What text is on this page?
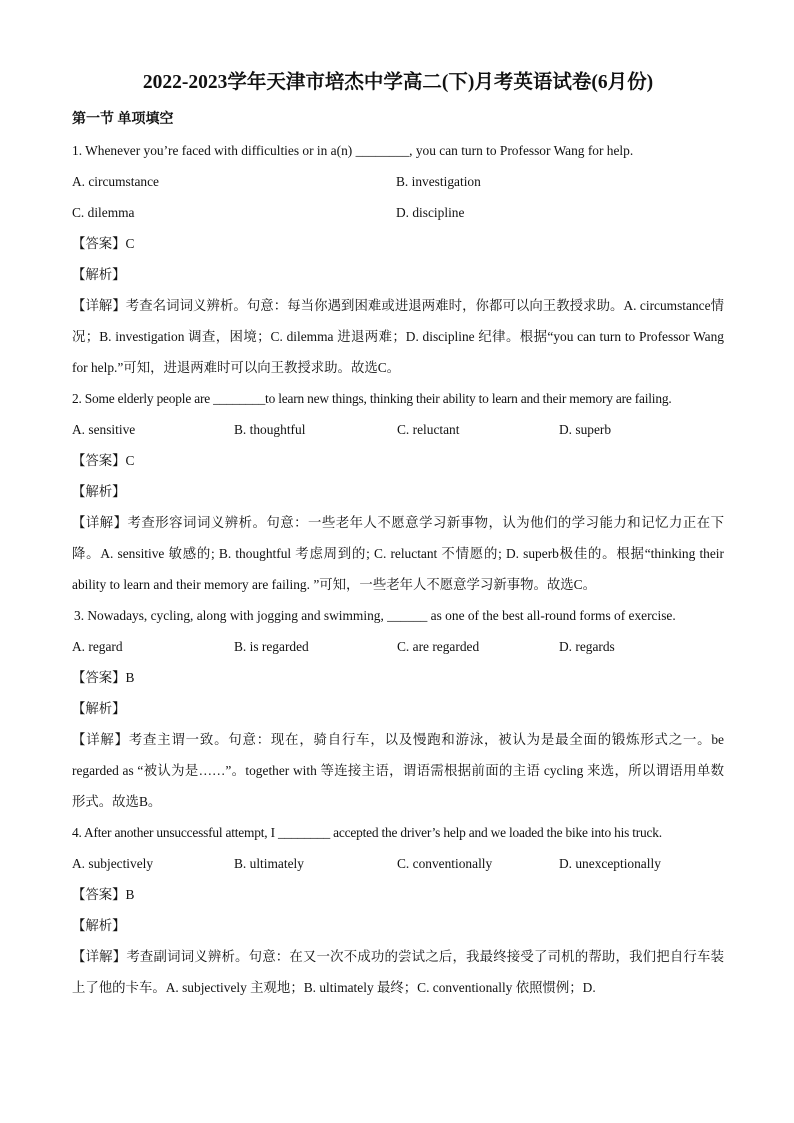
2022-2023学年天津市培杰中学高二(下)月考英语试卷(6月份)
第一节 单项填空
1. Whenever you’re faced with difficulties or in a(n) ________, you can turn to Professor Wang for help.
A. circumstance	B. investigation
C. dilemma	D. discipline
【答案】C
【解析】
【详解】考查名词词义辨析。句意：每当你遇到困难或进退两难时，你都可以向王教授求助。A. circumstance情况；B. investigation 调查，困境；C. dilemma 进退两难；D. discipline 纪律。根据“you can turn to Professor Wang for help.”可知，进退两难时可以向王教授求助。故选C。
2. Some elderly people are ________to learn new things, thinking their ability to learn and their memory are failing.
A. sensitive	B. thoughtful	C. reluctant	D. superb
【答案】C
【解析】
【详解】考查形容词词义辨析。句意：一些老年人不愿意学习新事物，认为他们的学习能力和记忆力正在下降。A. sensitive 敏感的; B. thoughtful 考虑周到的; C. reluctant 不情愿的; D. superb极佳的。根据“thinking their ability to learn and their memory are failing. ”可知，一些老年人不愿意学习新事物。故选C。
3. Nowadays, cycling, along with jogging and swimming, ______ as one of the best all-round forms of exercise.
A. regard	B. is regarded	C. are regarded	D. regards
【答案】B
【解析】
【详解】考查主谓一致。句意：现在，骑自行车，以及慢跑和游泳，被认为是最全面的锻炼形式之一。be regarded as “被认为是……”。together with 等连接主语，谓语需根据前面的主语 cycling 来选，所以谓语用单数形式。故选B。
4. After another unsuccessful attempt, I ________ accepted the driver’s help and we loaded the bike into his truck.
A. subjectively	B. ultimately	C. conventionally	D. unexceptionally
【答案】B
【解析】
【详解】考查副词词义辨析。句意：在又一次不成功的尝试之后，我最终接受了司机的帮助，我们把自行车装上了他的卡车。A. subjectively 主观地；B. ultimately 最终；C. conventionally 依照惯例；D.
